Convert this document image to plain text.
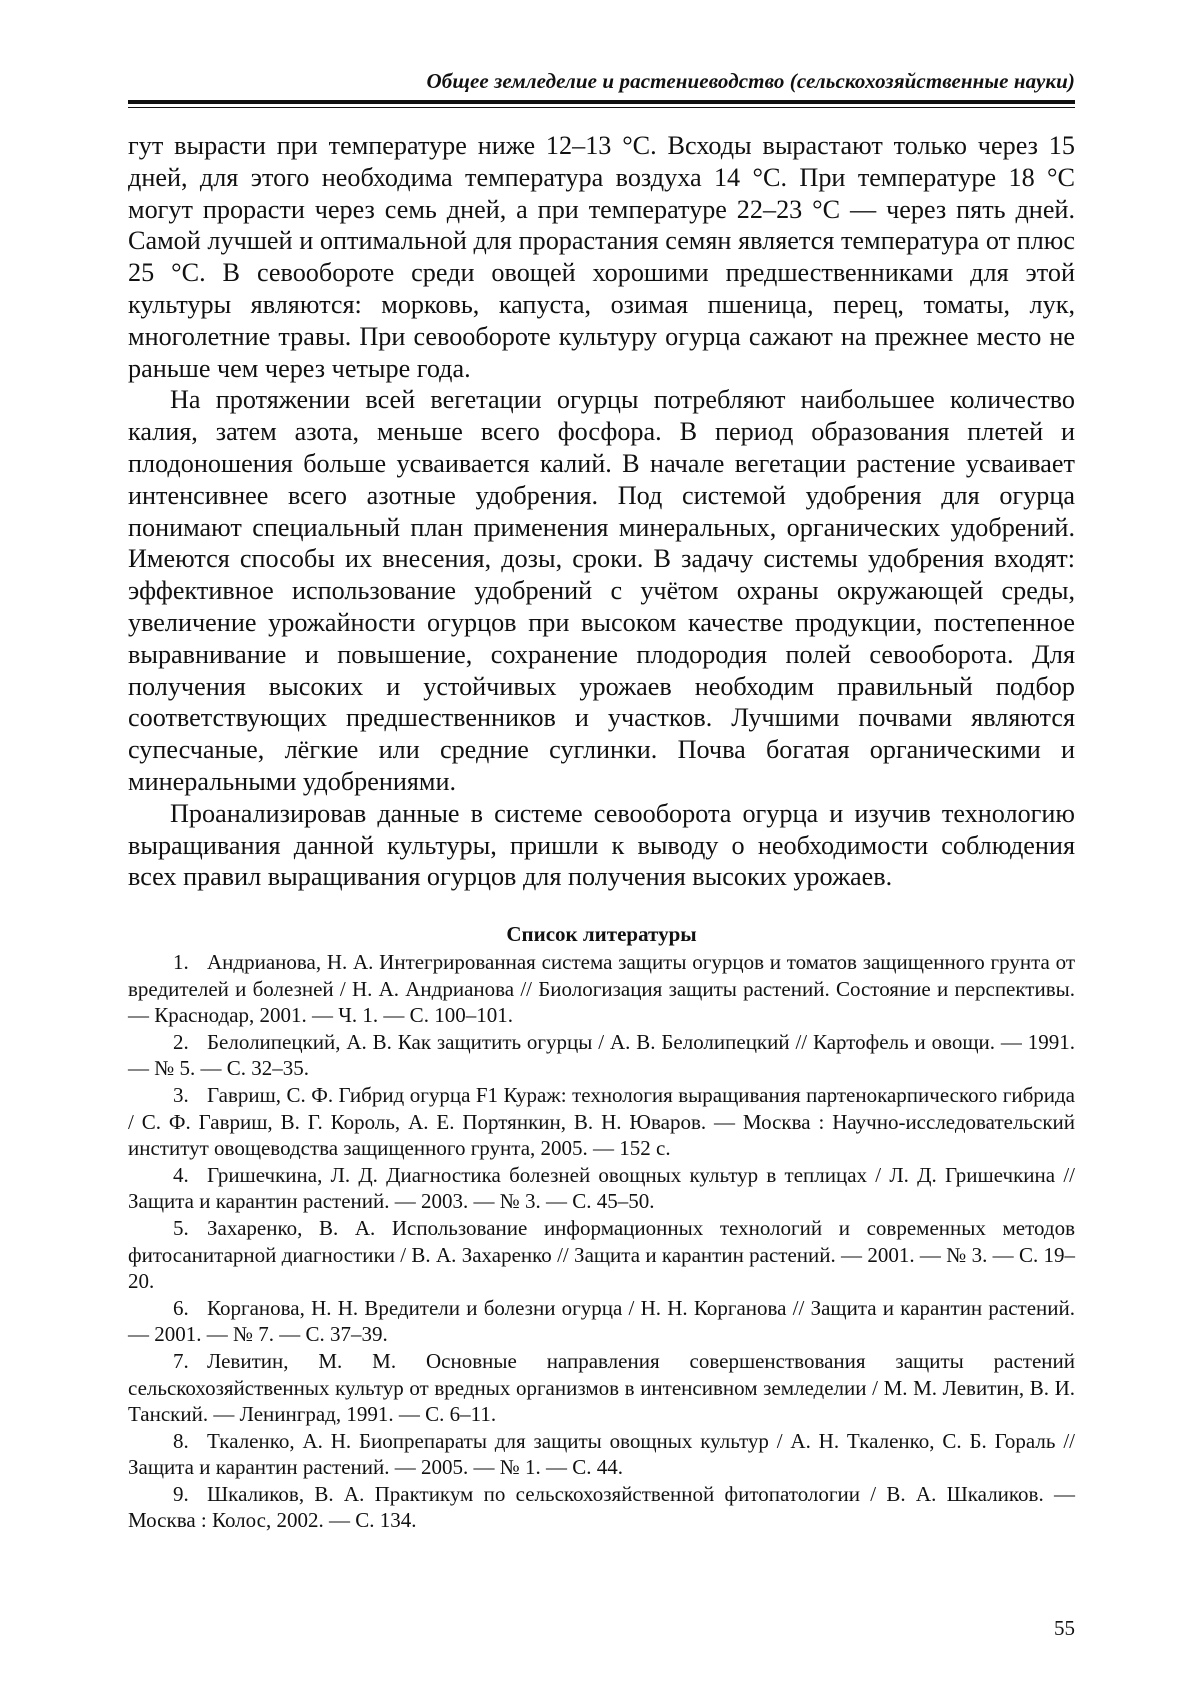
Общее земледелие и растениеводство (сельскохозяйственные науки)

гут вырасти при температуре ниже 12–13 °С. Всходы вырастают только через 15 дней, для этого необходима температура воздуха 14 °С. При температуре 18 °С могут прорасти через семь дней, а при температуре 22–23 °С — через пять дней. Самой лучшей и оптимальной для прорастания семян является температура от плюс 25 °С. В севообороте среди овощей хорошими предшественниками для этой культуры являются: морковь, капуста, озимая пшеница, перец, томаты, лук, многолетние травы. При севообороте культуру огурца сажают на прежнее место не раньше чем через четыре года.

На протяжении всей вегетации огурцы потребляют наибольшее количество калия, затем азота, меньше всего фосфора. В период образования плетей и плодоношения больше усваивается калий. В начале вегетации растение усваивает интенсивнее всего азотные удобрения. Под системой удобрения для огурца понимают специальный план применения минеральных, органических удобрений. Имеются способы их внесения, дозы, сроки. В задачу системы удобрения входят: эффективное использование удобрений с учётом охраны окружающей среды, увеличение урожайности огурцов при высоком качестве продукции, постепенное выравнивание и повышение, сохранение плодородия полей севооборота. Для получения высоких и устойчивых урожаев необходим правильный подбор соответствующих предшественников и участков. Лучшими почвами являются супесчаные, лёгкие или средние суглинки. Почва богатая органическими и минеральными удобрениями.

Проанализировав данные в системе севооборота огурца и изучив технологию выращивания данной культуры, пришли к выводу о необходимости соблюдения всех правил выращивания огурцов для получения высоких урожаев.

Список литературы
1. Андрианова, Н. А. Интегрированная система защиты огурцов и томатов защищенного грунта от вредителей и болезней / Н. А. Андрианова // Биологизация защиты растений. Состояние и перспективы. — Краснодар, 2001. — Ч. 1. — С. 100–101.
2. Белолипецкий, А. В. Как защитить огурцы / А. В. Белолипецкий // Картофель и овощи. — 1991. — № 5. — С. 32–35.
3. Гавриш, С. Ф. Гибрид огурца F1 Кураж: технология выращивания партенокарпического гибрида / С. Ф. Гавриш, В. Г. Король, А. Е. Портянкин, В. Н. Юваров. — Москва : Научно-исследовательский институт овощеводства защищенного грунта, 2005. — 152 с.
4. Гришечкина, Л. Д. Диагностика болезней овощных культур в теплицах / Л. Д. Гришечкина // Защита и карантин растений. — 2003. — № 3. — С. 45–50.
5. Захаренко, В. А. Использование информационных технологий и современных методов фитосанитарной диагностики / В. А. Захаренко // Защита и карантин растений. — 2001. — № 3. — С. 19–20.
6. Корганова, Н. Н. Вредители и болезни огурца / Н. Н. Корганова // Защита и карантин растений. — 2001. — № 7. — С. 37–39.
7. Левитин, М. М. Основные направления совершенствования защиты растений сельскохозяйственных культур от вредных организмов в интенсивном земледелии / М. М. Левитин, В. И. Танский. — Ленинград, 1991. — С. 6–11.
8. Ткаленко, А. Н. Биопрепараты для защиты овощных культур / А. Н. Ткаленко, С. Б. Гораль // Защита и карантин растений. — 2005. — № 1. — С. 44.
9. Шкаликов, В. А. Практикум по сельскохозяйственной фитопатологии / В. А. Шкаликов. — Москва : Колос, 2002. — С. 134.
55
